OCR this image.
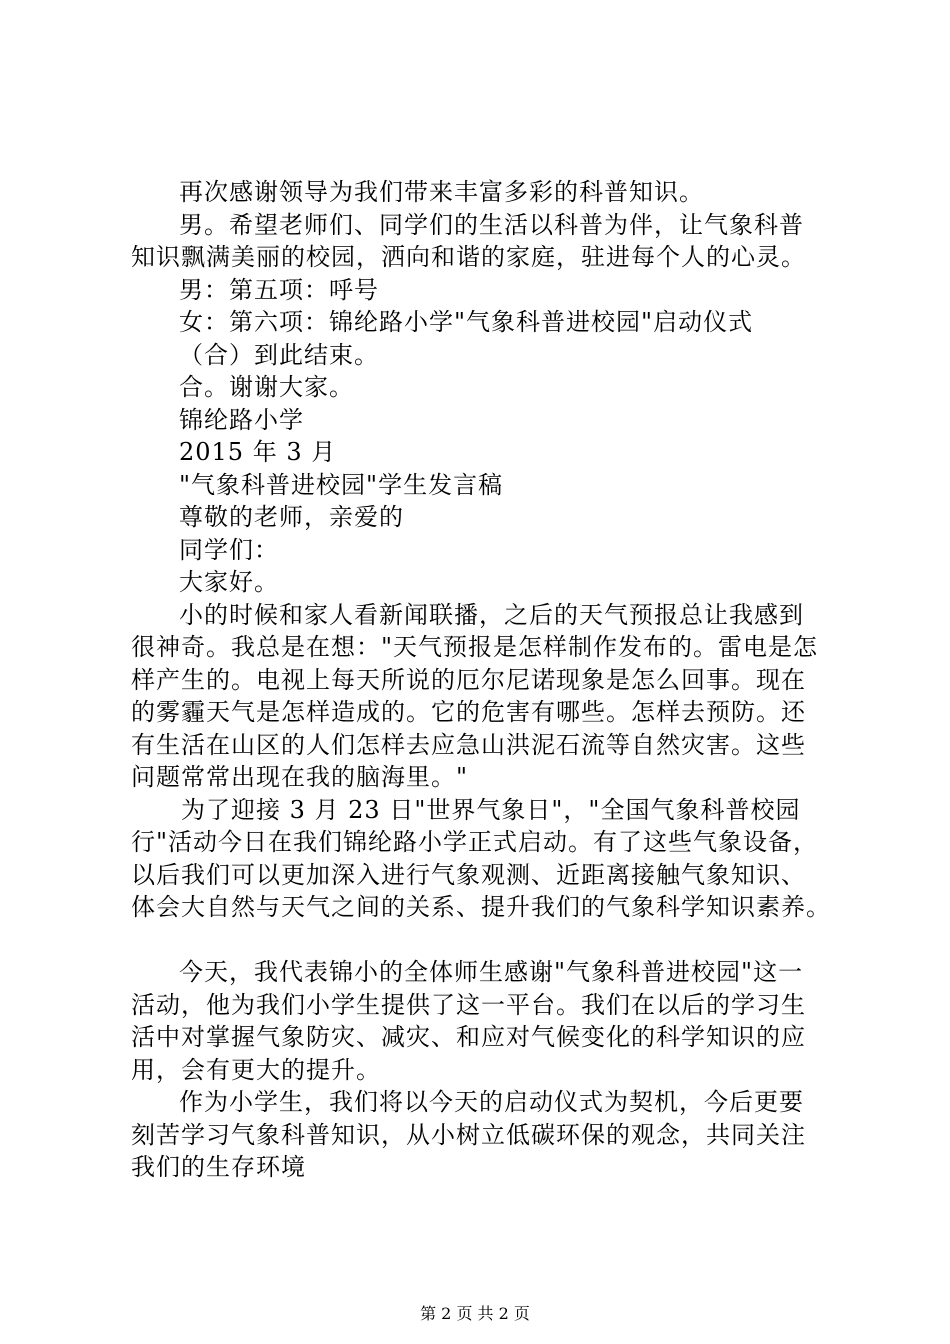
再次感谢领导为我们带来丰富多彩的科普知识。
男。希望老师们、同学们的生活以科普为伴，让气象科普
知识飘满美丽的校园，洒向和谐的家庭，驻进每个人的心灵。
男：第五项：呼号
女：第六项：锦纶路小学"气象科普进校园"启动仪式
（合）到此结束。
合。谢谢大家。
锦纶路小学
2015 年 3 月
"气象科普进校园"学生发言稿
尊敬的老师，亲爱的
同学们：
大家好。
小的时候和家人看新闻联播，之后的天气预报总让我感到
很神奇。我总是在想："天气预报是怎样制作发布的。雷电是怎
样产生的。电视上每天所说的厄尔尼诺现象是怎么回事。现在
的雾霾天气是怎样造成的。它的危害有哪些。怎样去预防。还
有生活在山区的人们怎样去应急山洪泥石流等自然灾害。这些
问题常常出现在我的脑海里。"
为了迎接 3 月 23 日"世界气象日"，"全国气象科普校园
行"活动今日在我们锦纶路小学正式启动。有了这些气象设备，
以后我们可以更加深入进行气象观测、近距离接触气象知识、
体会大自然与天气之间的关系、提升我们的气象科学知识素养。
今天，我代表锦小的全体师生感谢"气象科普进校园"这一
活动，他为我们小学生提供了这一平台。我们在以后的学习生
活中对掌握气象防灾、减灾、和应对气候变化的科学知识的应
用，会有更大的提升。
作为小学生，我们将以今天的启动仪式为契机，今后更要
刻苦学习气象科普知识，从小树立低碳环保的观念，共同关注
我们的生存环境
第 2 页 共 2 页
